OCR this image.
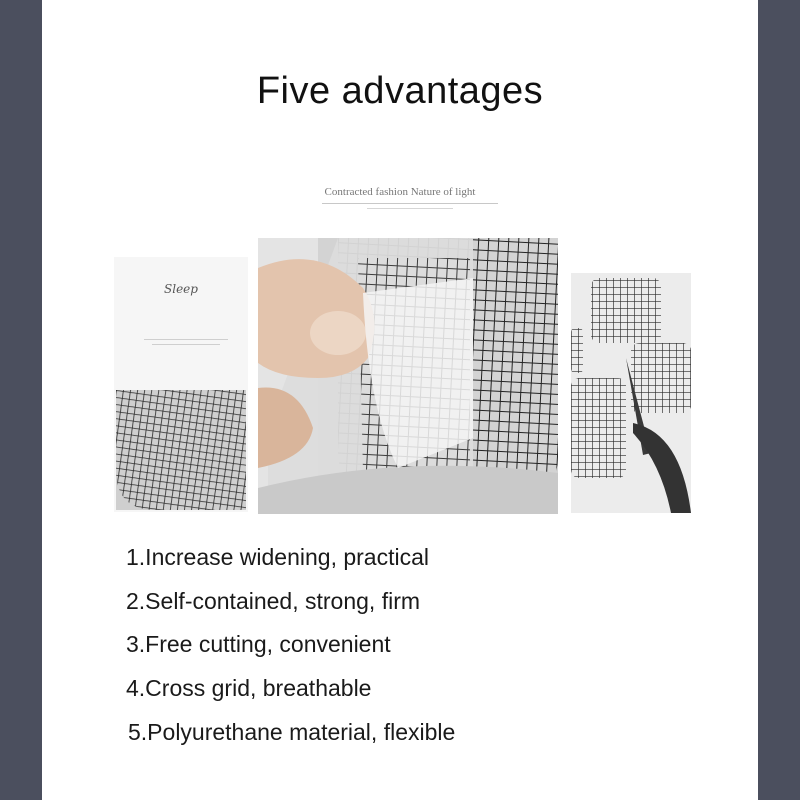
Five advantages
Contracted fashion Nature of light
Sleep
1.Increase widening, practical
2.Self-contained, strong, firm
3.Free cutting, convenient
4.Cross grid, breathable
5.Polyurethane material, flexible
